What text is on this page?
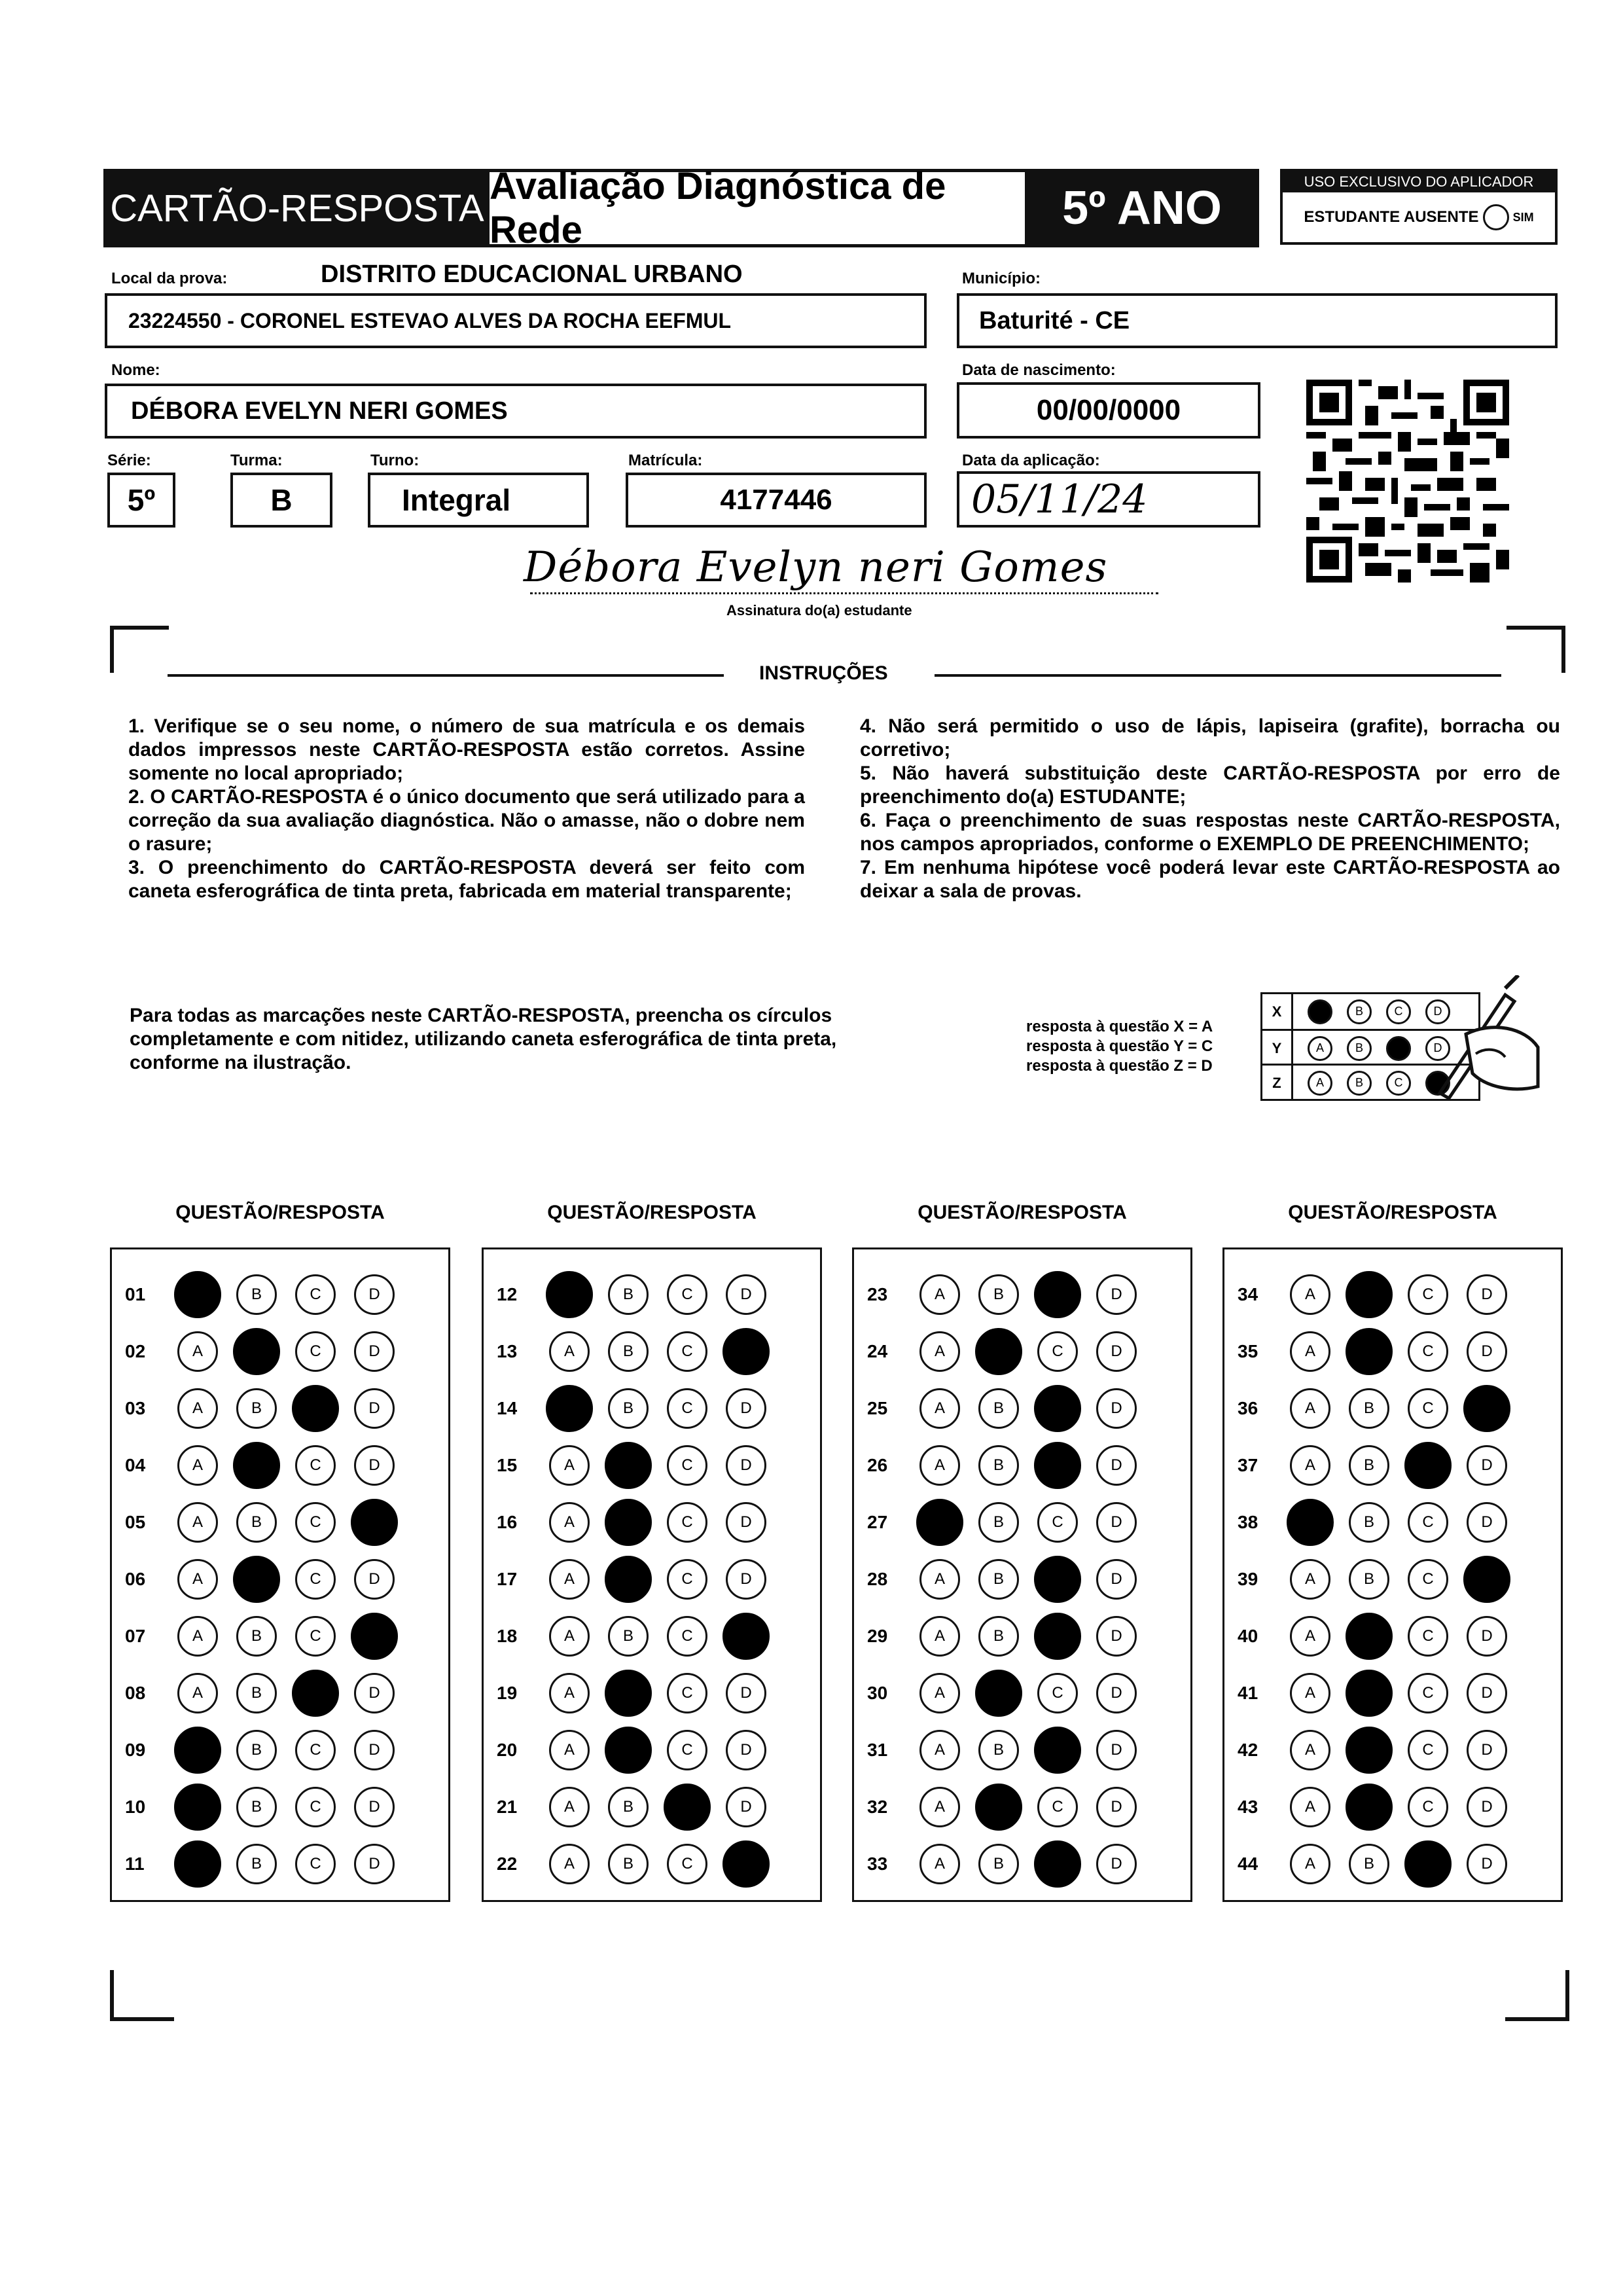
CARTÃO-RESPOSTA
Avaliação Diagnóstica de Rede	5º ANO
USO EXCLUSIVO DO APLICADOR
ESTUDANTE AUSENTE	SIM
Local da prova:	DISTRITO EDUCACIONAL URBANO
23224550 - CORONEL ESTEVAO ALVES DA ROCHA EEFMUL
Município:
Baturité - CE
Nome:
DÉBORA EVELYN NERI GOMES
Data de nascimento:
00/00/0000
Série:
5º
Turma:
B
Turno:
Integral
Matrícula:
4177446
Data da aplicação:
05/11/24
Débora Evelyn neri Gomes
Assinatura do(a) estudante
INSTRUÇÕES
1. Verifique se o seu nome, o número de sua matrícula e os demais dados impressos neste CARTÃO-RESPOSTA estão corretos. Assine somente no local apropriado;
2. O CARTÃO-RESPOSTA é o único documento que será utilizado para a correção da sua avaliação diagnóstica. Não o amasse, não o dobre nem o rasure;
3. O preenchimento do CARTÃO-RESPOSTA deverá ser feito com caneta esferográfica de tinta preta, fabricada em material transparente;
4. Não será permitido o uso de lápis, lapiseira (grafite), borracha ou corretivo;
5. Não haverá substituição deste CARTÃO-RESPOSTA por erro de preenchimento do(a) ESTUDANTE;
6. Faça o preenchimento de suas respostas neste CARTÃO-RESPOSTA, nos campos apropriados, conforme o EXEMPLO DE PREENCHIMENTO;
7. Em nenhuma hipótese você poderá levar este CARTÃO-RESPOSTA ao deixar a sala de provas.
Para todas as marcações neste CARTÃO-RESPOSTA, preencha os círculos completamente e com nitidez, utilizando caneta esferográfica de tinta preta, conforme na ilustração.
resposta à questão X = A
resposta à questão Y = C
resposta à questão Z = D
X	B	C	D
Y	A	B	D
Z	A	B	C
QUESTÃO/RESPOSTA
01	B	C	D
02	A	C	D
03	A	B	D
04	A	C	D
05	A	B	C
06	A	C	D
07	A	B	C
08	A	B	D
09	B	C	D
10	B	C	D
11	B	C	D
QUESTÃO/RESPOSTA
12	B	C	D
13	A	B	C
14	B	C	D
15	A	C	D
16	A	C	D
17	A	C	D
18	A	B	C
19	A	C	D
20	A	C	D
21	A	B	D
22	A	B	C
QUESTÃO/RESPOSTA
23	A	B	D
24	A	C	D
25	A	B	D
26	A	B	D
27	B	C	D
28	A	B	D
29	A	B	D
30	A	C	D
31	A	B	D
32	A	C	D
33	A	B	D
QUESTÃO/RESPOSTA
34	A	C	D
35	A	C	D
36	A	B	C
37	A	B	D
38	B	C	D
39	A	B	C
40	A	C	D
41	A	C	D
42	A	C	D
43	A	C	D
44	A	B	D
